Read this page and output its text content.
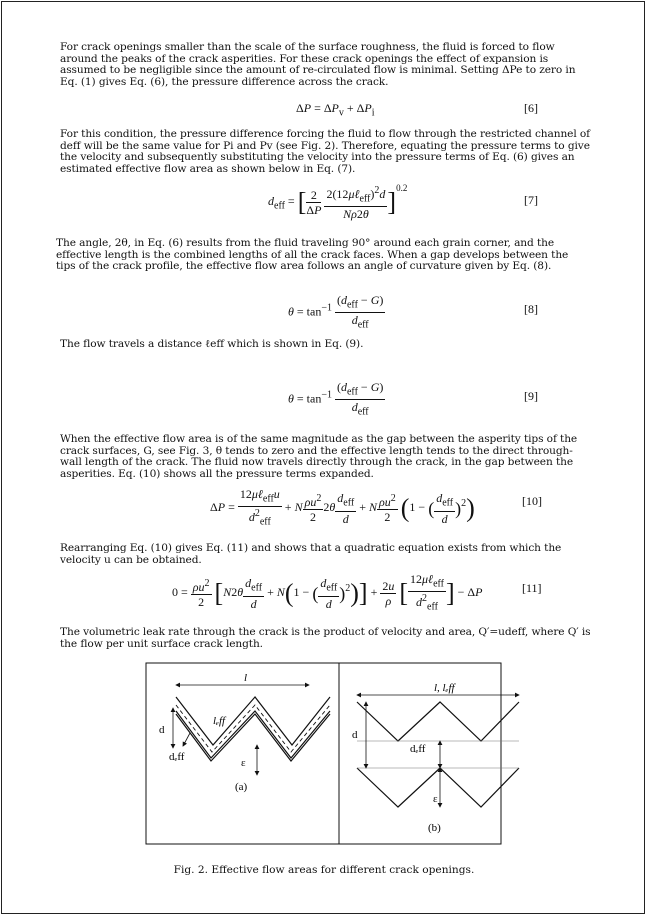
For crack openings smaller than the scale of the surface roughness, the fluid is forced to flow around the peaks of the crack asperities. For these crack openings the effect of expansion is assumed to be negligible since the amount of re-circulated flow is minimal. Setting ΔPe to zero in Eq. (1) gives Eq. (6), the pressure difference across the crack.
$\Delta P = \Delta P_v + \Delta P_i$	[6]
For this condition, the pressure difference forcing the fluid to flow through the restricted channel of deff will be the same value for Pi and Pv (see Fig. 2). Therefore, equating the pressure terms to give the velocity and subsequently substituting the velocity into the pressure terms of Eq. (6) gives an estimated effective flow area as shown below in Eq. (7).
$d_{eff}$ = [ $\frac{2}{\Delta P}$
$\frac{2(12\mu\ell_{eff})^2d}{N\rho 2\theta} ]^{0.2}$
[7]
The angle, 2θ, in Eq. (6) results from the fluid traveling 90° around each grain corner, and the effective length is the combined lengths of all the crack faces. When a gap develops between the tips of the crack profile, the effective flow area follows an angle of curvature given by Eq. (8).
$\theta = \tan^{-1} \frac{(d_{eff} - G)}{d_{eff}}$	[8]
The flow travels a distance ℓeff which is shown in Eq. (9).
$\theta = \tan^{-1} \frac{(d_{eff} - G)}{d_{eff}}$	[9]
When the effective flow area is of the same magnitude as the gap between the asperity tips of the crack surfaces, G, see Fig. 3, θ tends to zero and the effective length tends to the direct through-wall length of the crack. The fluid now travels directly through the crack, in the gap between the asperities. Eq. (10) shows all the pressure terms expanded.
$\Delta P = \frac{12\mu\ell_{eff}u}{d^2_{eff}} + N \frac{\rho u^2}{2} 2\theta \frac{d_{eff}}{d} + N \frac{\rho u^2}{2} (1$ − ( $\frac{d_{eff}}{d} )^2$)	[10]
Rearranging Eq. (10) gives Eq. (11) and shows that a quadratic equation exists from which the velocity u can be obtained.
$0 = \frac{\rho u^2}{2} [N2\theta \frac{d_{eff}}{d} + N(1$ − ( $\frac{d_{eff}}{d} )^2)] + \frac{2u}{\rho}$ [ $\frac{12\mu\ell_{eff}}{d^2_{eff}}$ ] − ΔP	[11]
The volumetric leak rate through the crack is the product of velocity and area, Q′=udeff, where Q′ is the flow per unit surface crack length.
l
lₑff
d
dₑff	ε
(a)
l, lₑff
d
dₑff
ε
(b)
Fig. 2. Effective flow areas for different crack openings.
